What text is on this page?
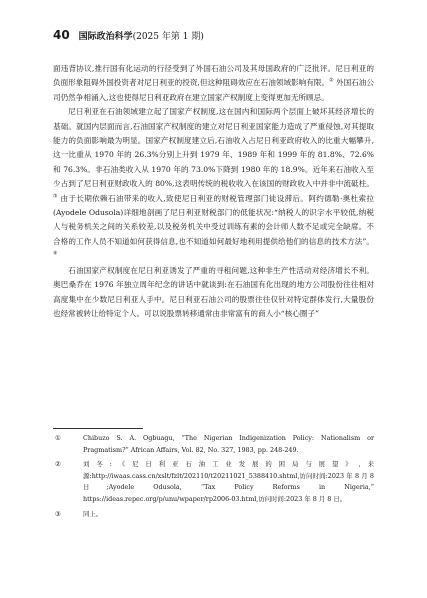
40 国际政治科学(2025 年第 1 期)

面违背协议,推行国有化运动的行径受到了外国石油公司及其母国政府的广泛批评。尼日利亚的负面形象阻碍外国投资者对尼日利亚的投资,但这种阻碍效应在石油领域影响有限。② 外国石油公司仍然争相涌入,这也使得尼日利亚政府在建立国家产权制度上变得更加无所顾忌。

尼日利亚在石油领域建立起了国家产权制度,这在国内和国际两个层面上破坏其经济增长的基础。就国内层面而言,石油国家产权制度的建立对尼日利亚国家能力造成了严重侵蚀,对其提取能力的负面影响最为明显。国家产权制度建立后,石油收入占尼日利亚政府收入的比重大幅攀升,这一比重从 1970 年的 26.3%分别上升到 1979 年、1989 年和 1999 年的 81.8%、72.6%和 76.3%。非石油类收入从 1970 年的 73.0%下降到 1980 年的 18.9%。近年来石油收入至少占到了尼日利亚财政收入的 80%,这表明传统的税收收入在该国的财政收入中并非中流砥柱。③ 由于长期依赖石油带来的收入,致使尼日利亚的财税管理部门徒设滞后。阿约德勒·奥杜索拉(Ayodele Odusola)详细地剖画了尼日利亚财税部门的低能状况:“纳税人的识字水平较低,纳税人与税务机关之间的关系较差,以及税务机关中受过训练有素的会计师人数不足或完全缺席。不合格的工作人员不知道如何获得信息,也不知道如何最好地利用提供给他们的信息的技术方法”。④

石油国家产权制度在尼日利亚诱发了严重的寻租问题,这种非生产性活动对经济增长不利。奥巴桑乔在 1976 年独立周年纪念的讲话中就谈到:在石油国有化出现的地方公司股份往往相对高度集中在少数尼日利亚人手中。尼日利亚石油公司的股票往往仅针对特定群体发行,大量股份也经常被转让给特定个人。可以说股票转移通常由非常富有的商人小“核心圈子”

①	Chibuzo S. A. Ogbuagu, “The Nigerian Indigenization Policy: Nationalism or Pragmatism?” African Affairs, Vol. 82, No. 327, 1983, pp. 248-249.
②	刘冬:《尼日利亚石油工业发展的困局与展望》,来源:http://iwaas.cass.cn/xslt/fzlt/202110/t20211021_5388410.shtml,访问时间:2023 年 8 月 8 日;Ayodele Odusola, “Tax Policy Reforms in Nigeria,” https://ideas.repec.org/p/unu/wpaper/rp2006-03.html,访问时间:2023 年 8 月 8 日。
③	同上。
